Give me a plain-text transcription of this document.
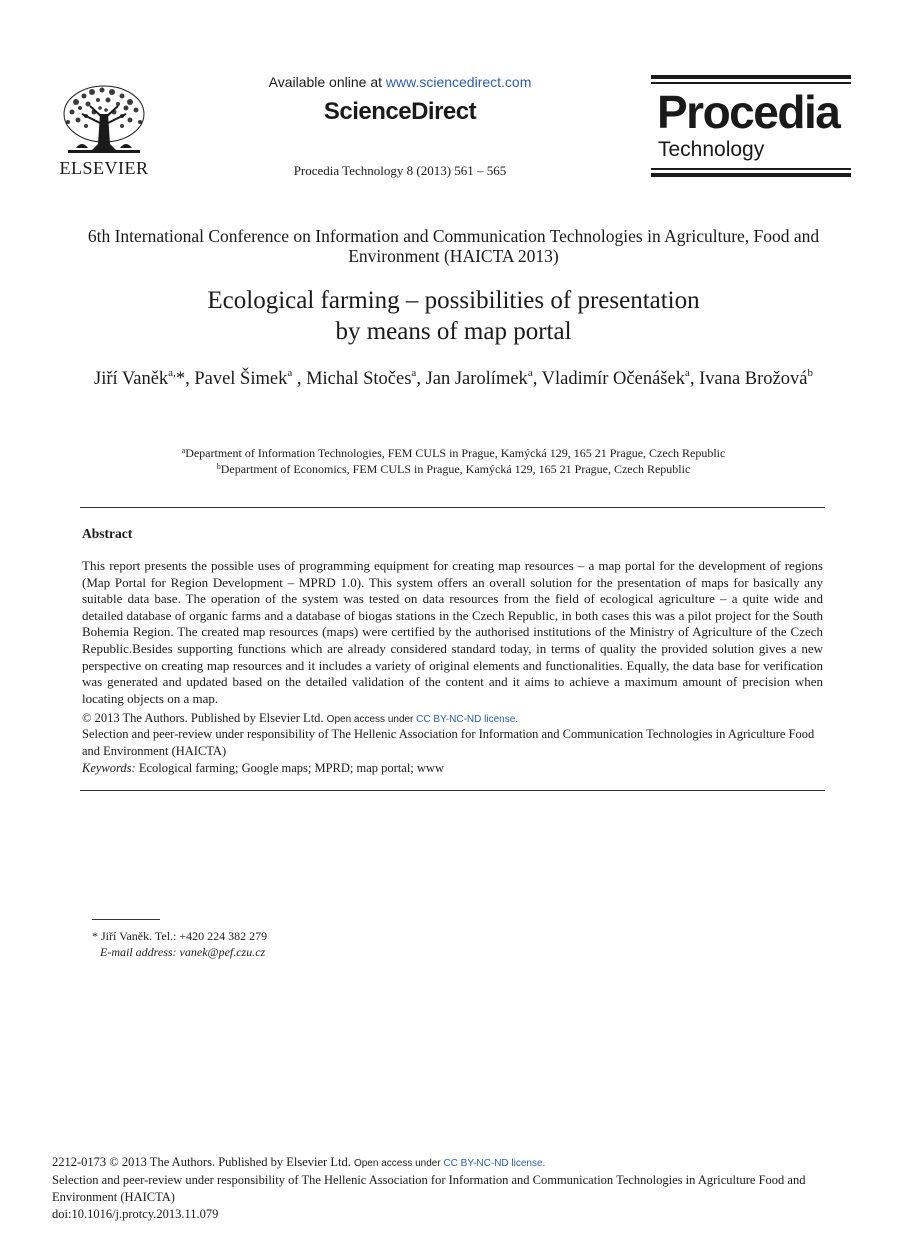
ELSEVIER
Available online at www.sciencedirect.com
ScienceDirect
Procedia Technology 8 (2013) 561 – 565
Procedia
Technology
6th International Conference on Information and Communication Technologies in Agriculture, Food and Environment (HAICTA 2013)
Ecological farming – possibilities of presentation
by means of map portal
Jiří Vaněk$^{a,}$*, Pavel Šimek$^a$ , Michal Stočes$^a$, Jan Jarolímek$^a$, Vladimír Očenášek$^a$, Ivana Brožová$^b$
$^a$Department of Information Technologies, FEM CULS in Prague, Kamýcká 129, 165 21 Prague, Czech Republic
$^b$Department of Economics, FEM CULS in Prague, Kamýcká 129, 165 21 Prague, Czech Republic
Abstract
This report presents the possible uses of programming equipment for creating map resources – a map portal for the development of regions (Map Portal for Region Development – MPRD 1.0). This system offers an overall solution for the presentation of maps for basically any suitable data base. The operation of the system was tested on data resources from the field of ecological agriculture – a quite wide and detailed database of organic farms and a database of biogas stations in the Czech Republic, in both cases this was a pilot project for the South Bohemia Region. The created map resources (maps) were certified by the authorised institutions of the Ministry of Agriculture of the Czech Republic.Besides supporting functions which are already considered standard today, in terms of quality the provided solution gives a new perspective on creating map resources and it includes a variety of original elements and functionalities. Equally, the data base for verification was generated and updated based on the detailed validation of the content and it aims to achieve a maximum amount of precision when locating objects on a map.
© 2013 The Authors. Published by Elsevier Ltd. Open access under CC BY-NC-ND license.
Selection and peer-review under responsibility of The Hellenic Association for Information and Communication Technologies in Agriculture Food and Environment (HAICTA)
Keywords: Ecological farming; Google maps; MPRD; map portal; www
* Jiří Vaněk. Tel.: +420 224 382 279
E-mail address: vanek@pef.czu.cz
2212-0173 © 2013 The Authors. Published by Elsevier Ltd. Open access under CC BY-NC-ND license.
Selection and peer-review under responsibility of The Hellenic Association for Information and Communication Technologies in Agriculture Food and Environment (HAICTA)
doi:10.1016/j.protcy.2013.11.079
